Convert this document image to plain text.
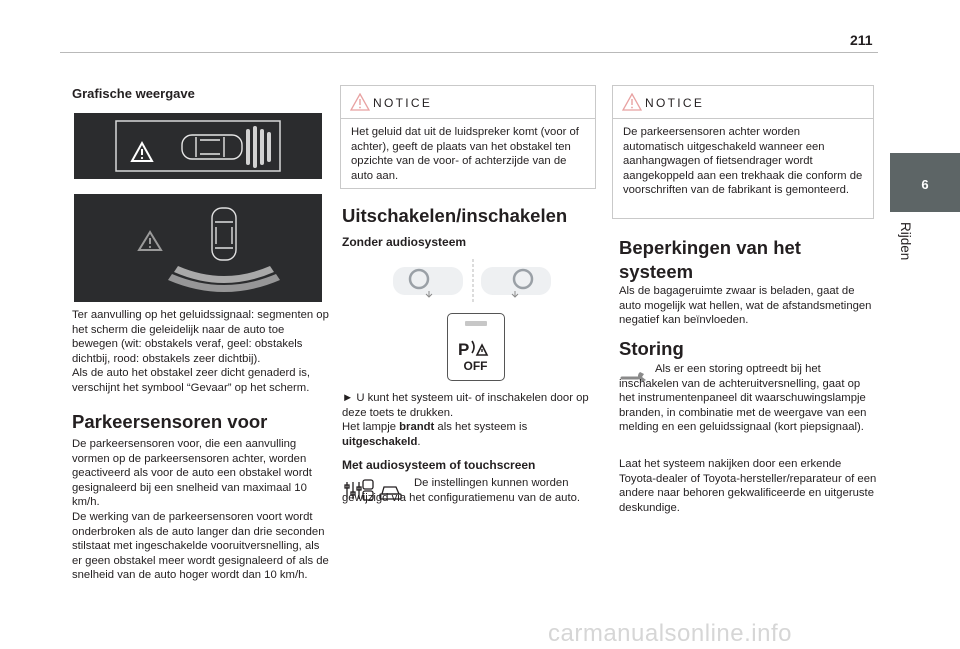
211
6
Rijden
Grafische weergave
Ter aanvulling op het geluidssignaal: segmenten op het scherm die geleidelijk naar de auto toe bewegen (wit: obstakels veraf, geel: obstakels dichtbij, rood: obstakels zeer dichtbij).
Als de auto het obstakel zeer dicht genaderd is, verschijnt het symbool “Gevaar” op het scherm.
Parkeersensoren voor
De parkeersensoren voor, die een aanvulling vormen op de parkeersensoren achter, worden geactiveerd als voor de auto een obstakel wordt gesignaleerd bij een snelheid van maximaal 10 km/h.
De werking van de parkeersensoren voort wordt onderbroken als de auto langer dan drie seconden stilstaat met ingeschakelde vooruitversnelling, als er geen obstakel meer wordt gesignaleerd of als de snelheid van de auto hoger wordt dan 10 km/h.
NOTICE
Het geluid dat uit de luidspreker komt (voor of achter), geeft de plaats van het obstakel ten opzichte van de voor- of achterzijde van de auto aan.
Uitschakelen/inschakelen
Zonder audiosysteem
P
OFF
► U kunt het systeem uit- of inschakelen door op deze toets te drukken.
Het lampje brandt als het systeem is uitgeschakeld.
Met audiosysteem of touchscreen
De instellingen kunnen worden gewijzigd via het configuratiemenu van de auto.
NOTICE
De parkeersensoren achter worden automatisch uitgeschakeld wanneer een aanhangwagen of fietsendrager wordt aangekoppeld aan een trekhaak die conform de voorschriften van de fabrikant is gemonteerd.
Beperkingen van het systeem
Als de bagageruimte zwaar is beladen, gaat de auto mogelijk wat hellen, wat de afstandsmetingen negatief kan beïnvloeden.
Storing
Als er een storing optreedt bij het inschakelen van de achteruitversnelling, gaat op het instrumentenpaneel dit waarschuwingslampje branden, in combinatie met de weergave van een melding en een geluidssignaal (kort piepsignaal).
Laat het systeem nakijken door een erkende Toyota-dealer of Toyota-hersteller/reparateur of een andere naar behoren gekwalificeerde en uitgeruste deskundige.
carmanualsonline.info
